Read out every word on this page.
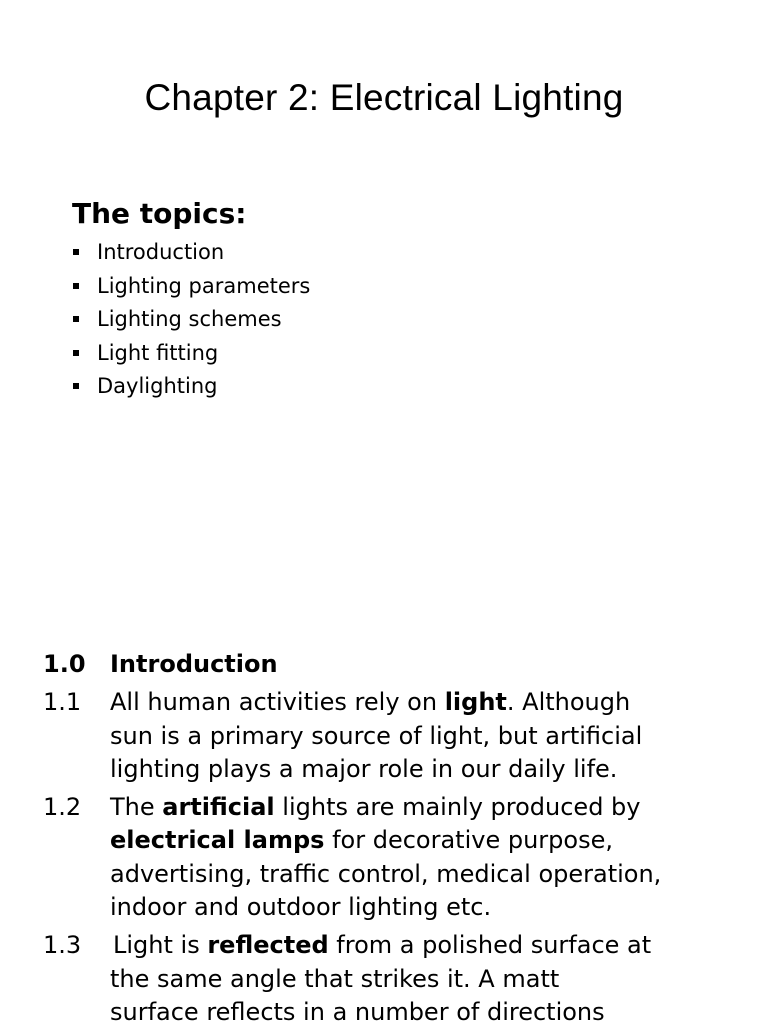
Chapter 2: Electrical Lighting
The topics:
Introduction
Lighting parameters
Lighting schemes
Light fitting
Daylighting
1.0 Introduction
1.1 All human activities rely on light. Although
sun is a primary source of light, but artificial
lighting plays a major role in our daily life.
1.2 The artificial lights are mainly produced by
electrical lamps for decorative purpose,
advertising, traffic control, medical operation,
indoor and outdoor lighting etc.
1.3 Light is reflected from a polished surface at
the same angle that strikes it. A matt
surface reflects in a number of directions
